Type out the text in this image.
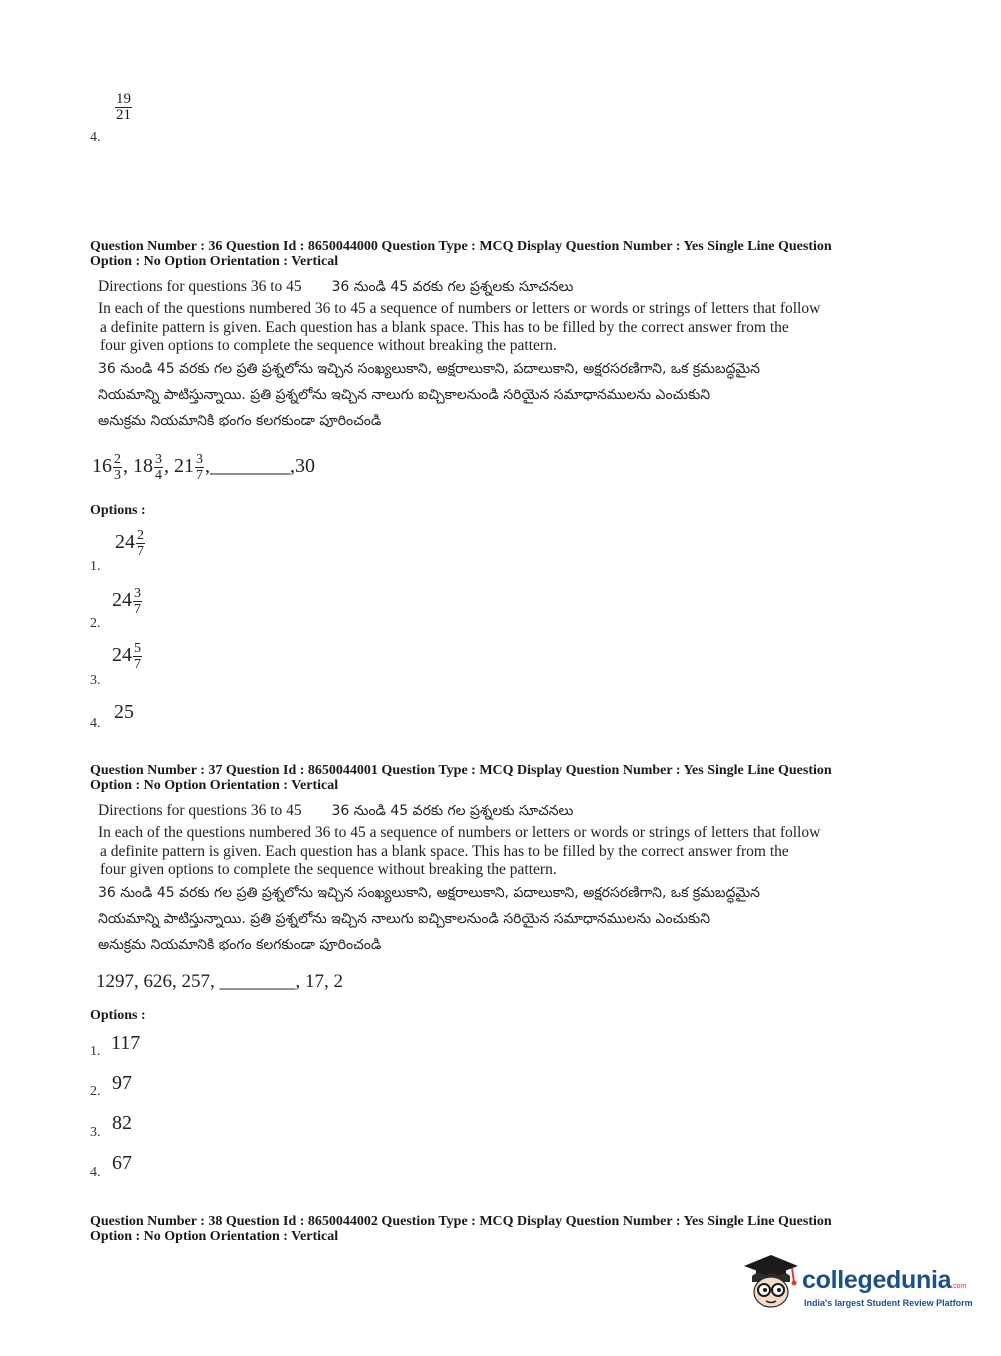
4.
$\frac{19}{21}$
Question Number : 36 Question Id : 8650044000 Question Type : MCQ Display Question Number : Yes Single Line Question
Option : No Option Orientation : Vertical
Directions for questions 36 to 45 36 నుండి 45 వరకు గల ప్రశ్నలకు సూచనలు
In each of the questions numbered 36 to 45 a sequence of numbers or letters or words or strings of letters that follow
a definite pattern is given. Each question has a blank space. This has to be filled by the correct answer from the
four given options to complete the sequence without breaking the pattern.
36 నుండి 45 వరకు గల ప్రతి ప్రశ్నలోను ఇచ్చిన సంఖ్యలుకాని, అక్షరాలుకాని, పదాలుకాని, అక్షరసరణిగాని, ఒక క్రమబద్ధమైన
నియమాన్ని పాటిస్తున్నాయి. ప్రతి ప్రశ్నలోను ఇచ్చిన నాలుగు ఐచ్చికాలనుండి సరియైన సమాధానములను ఎంచుకుని
అనుక్రమ నియమానికి భంగం కలగకుండా పూరించండి
$16 \frac{2}{3}$ , $18 \frac{3}{4}$ , $21 \frac{3}{7}$ ,________,30
Options :
1.
$24 \frac{2}{7}$
2.
$24 \frac{3}{7}$
3.
$24 \frac{5}{7}$
4.
25
Question Number : 37 Question Id : 8650044001 Question Type : MCQ Display Question Number : Yes Single Line Question
Option : No Option Orientation : Vertical
Directions for questions 36 to 45 36 నుండి 45 వరకు గల ప్రశ్నలకు సూచనలు
In each of the questions numbered 36 to 45 a sequence of numbers or letters or words or strings of letters that follow
a definite pattern is given. Each question has a blank space. This has to be filled by the correct answer from the
four given options to complete the sequence without breaking the pattern.
36 నుండి 45 వరకు గల ప్రతి ప్రశ్నలోను ఇచ్చిన సంఖ్యలుకాని, అక్షరాలుకాని, పదాలుకాని, అక్షరసరణిగాని, ఒక క్రమబద్ధమైన
నియమాన్ని పాటిస్తున్నాయి. ప్రతి ప్రశ్నలోను ఇచ్చిన నాలుగు ఐచ్చికాలనుండి సరియైన సమాధానములను ఎంచుకుని
అనుక్రమ నియమానికి భంగం కలగకుండా పూరించండి
1297, 626, 257, ________, 17, 2
Options :
1. 117
2. 97
3. 82
4. 67
Question Number : 38 Question Id : 8650044002 Question Type : MCQ Display Question Number : Yes Single Line Question
Option : No Option Orientation : Vertical
collegedunia.com
India's largest Student Review Platform
